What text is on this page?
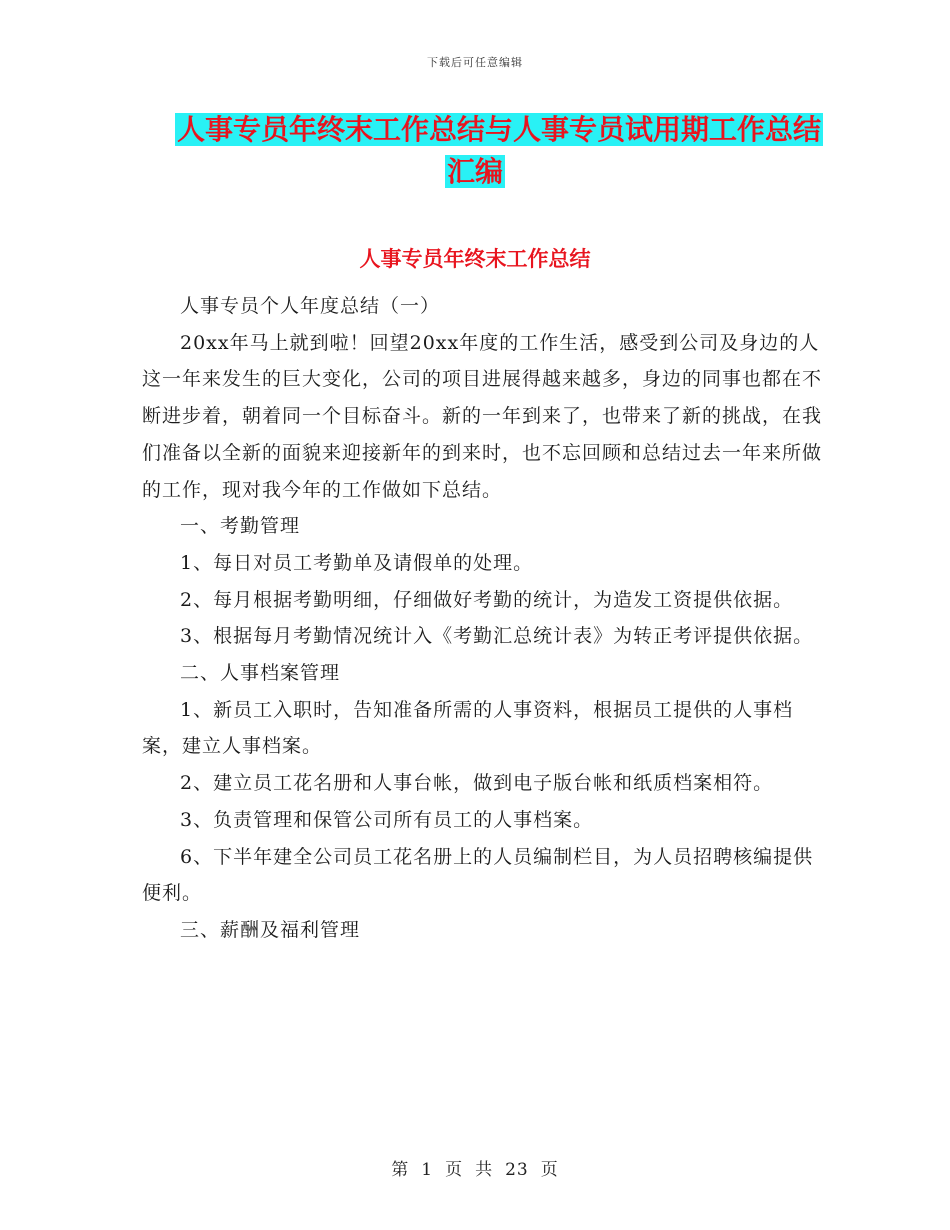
下载后可任意编辑
人事专员年终末工作总结与人事专员试用期工作总结
汇编
人事专员年终末工作总结

人事专员个人年度总结（一）

20xx年马上就到啦！回望20xx年度的工作生活，感受到公司及身边的人这一年来发生的巨大变化，公司的项目进展得越来越多，身边的同事也都在不断进步着，朝着同一个目标奋斗。新的一年到来了，也带来了新的挑战，在我们准备以全新的面貌来迎接新年的到来时，也不忘回顾和总结过去一年来所做的工作，现对我今年的工作做如下总结。

一、考勤管理

1、每日对员工考勤单及请假单的处理。

2、每月根据考勤明细，仔细做好考勤的统计，为造发工资提供依据。

3、根据每月考勤情况统计入《考勤汇总统计表》为转正考评提供依据。

二、人事档案管理

1、新员工入职时，告知准备所需的人事资料，根据员工提供的人事档案，建立人事档案。

2、建立员工花名册和人事台帐，做到电子版台帐和纸质档案相符。

3、负责管理和保管公司所有员工的人事档案。

6、下半年建全公司员工花名册上的人员编制栏目，为人员招聘核编提供便利。

三、薪酬及福利管理

第 1 页 共 23 页
